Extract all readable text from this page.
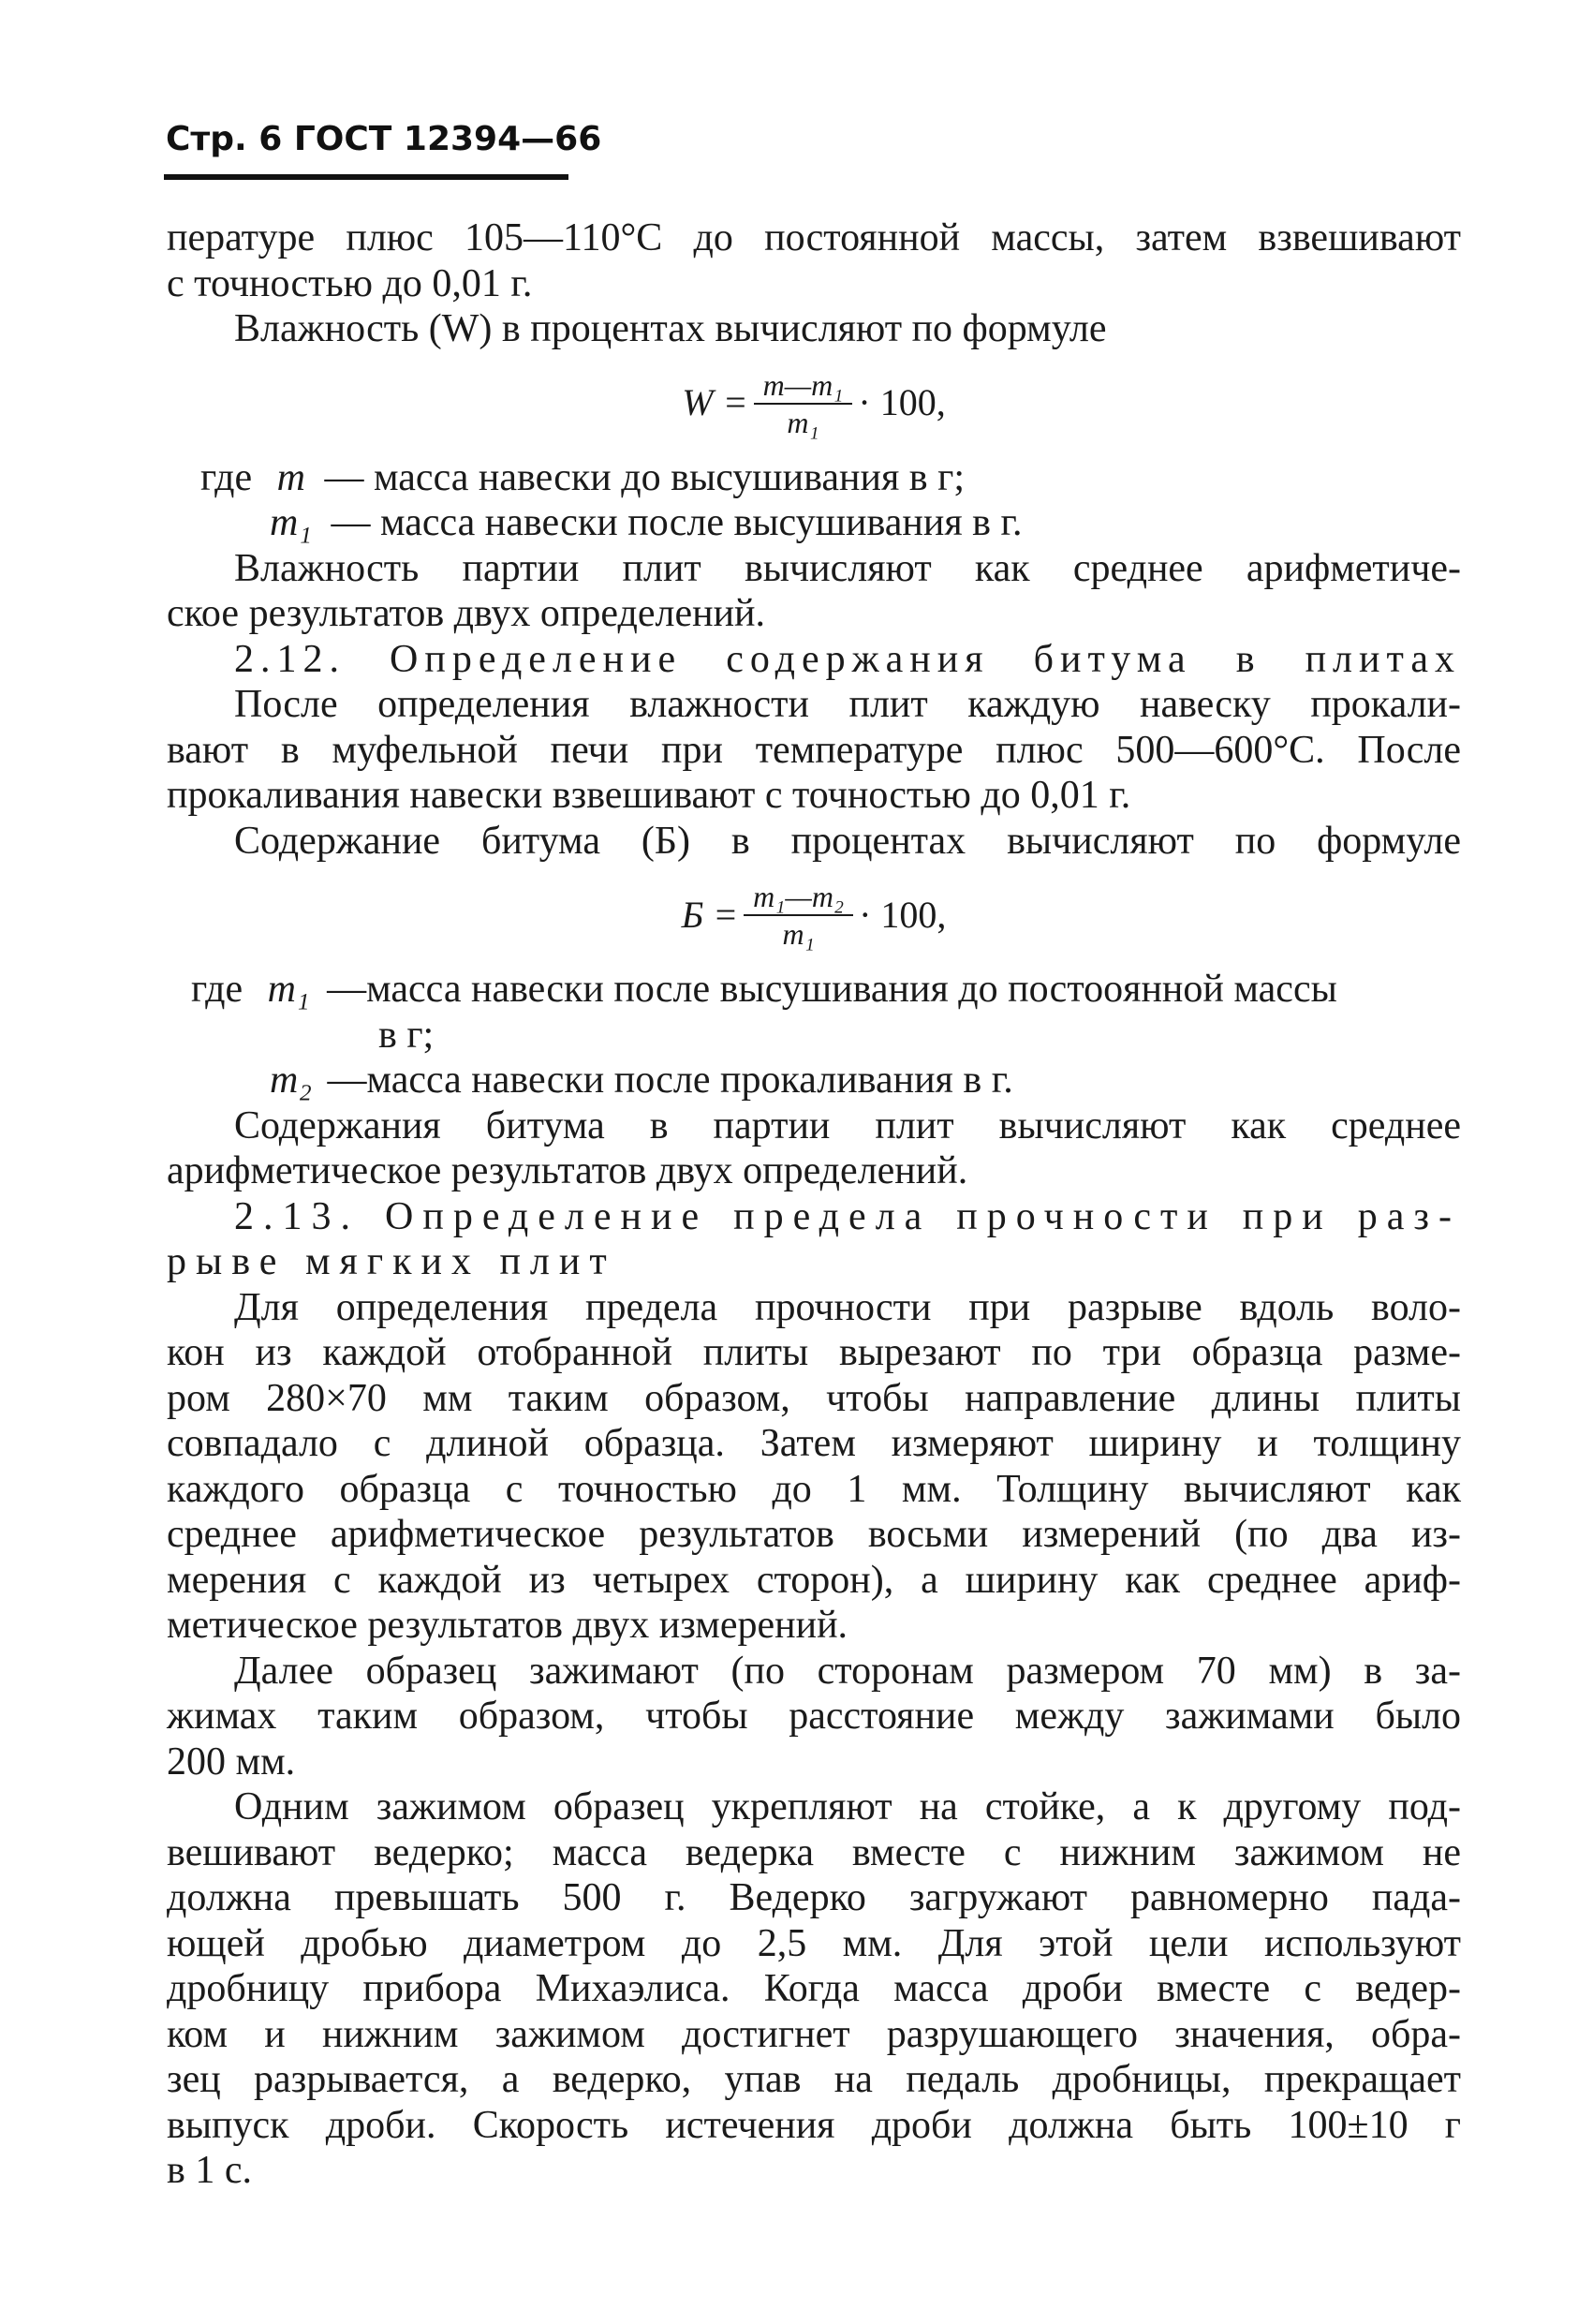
Стр. 6 ГОСТ 12394—66
пературе плюс 105—110°С до постоянной массы, затем взвешивают
с точностью до 0,01 г.
Влажность (W) в процентах вычисляют по формуле
$W = \frac{\text{m—m₁}}{\text{m₁}} \cdot 100$,
где m — масса навески до высушивания в г;
m₁ — масса навески после высушивания в г.
Влажность партии плит вычисляют как среднее арифметиче-
ское результатов двух определений.
2.12. Определение содержания битума в плитах
После определения влажности плит каждую навеску прокали-
вают в муфельной печи при температуре плюс 500—600°С. После
прокаливания навески взвешивают с точностью до 0,01 г.
Содержание битума (Б) в процентах вычисляют по формуле
$Б = \frac{\text{m₁—m₂}}{\text{m₁}} \cdot 100$,
где m₁ —масса навески после высушивания до постоoянной массы
в г;
m₂ —масса навески после прокаливания в г.
Содержания битума в партии плит вычисляют как среднее
арифметическое результатов двух определений.
2.13. Определение предела прочности при раз-
рыве мягких плит
Для определения предела прочности при разрыве вдоль воло-
кон из каждой отобранной плиты вырезают по три образца разме-
ром 280×70 мм таким образом, чтобы направление длины плиты
совпадало с длиной образца. Затем измеряют ширину и толщину
каждого образца с точностью до 1 мм. Толщину вычисляют как
среднее арифметическое результатов восьми измерений (по два из-
мерения с каждой из четырех сторон), а ширину как среднее ариф-
метическое результатов двух измерений.
Далее образец зажимают (по сторонам размером 70 мм) в за-
жимах таким образом, чтобы расстояние между зажимами было
200 мм.
Одним зажимом образец укрепляют на стойке, а к другому под-
вешивают ведерко; масса ведерка вместе с нижним зажимом не
должна превышать 500 г. Ведерко загружают равномерно пада-
ющей дробью диаметром до 2,5 мм. Для этой цели используют
дробницу прибора Михаэлиса. Когда масса дроби вместе с ведер-
ком и нижним зажимом достигнет разрушающего значения, обра-
зец разрывается, а ведерко, упав на педаль дробницы, прекращает
выпуск дроби. Скорость истечения дроби должна быть 100±10 г
в 1 с.
